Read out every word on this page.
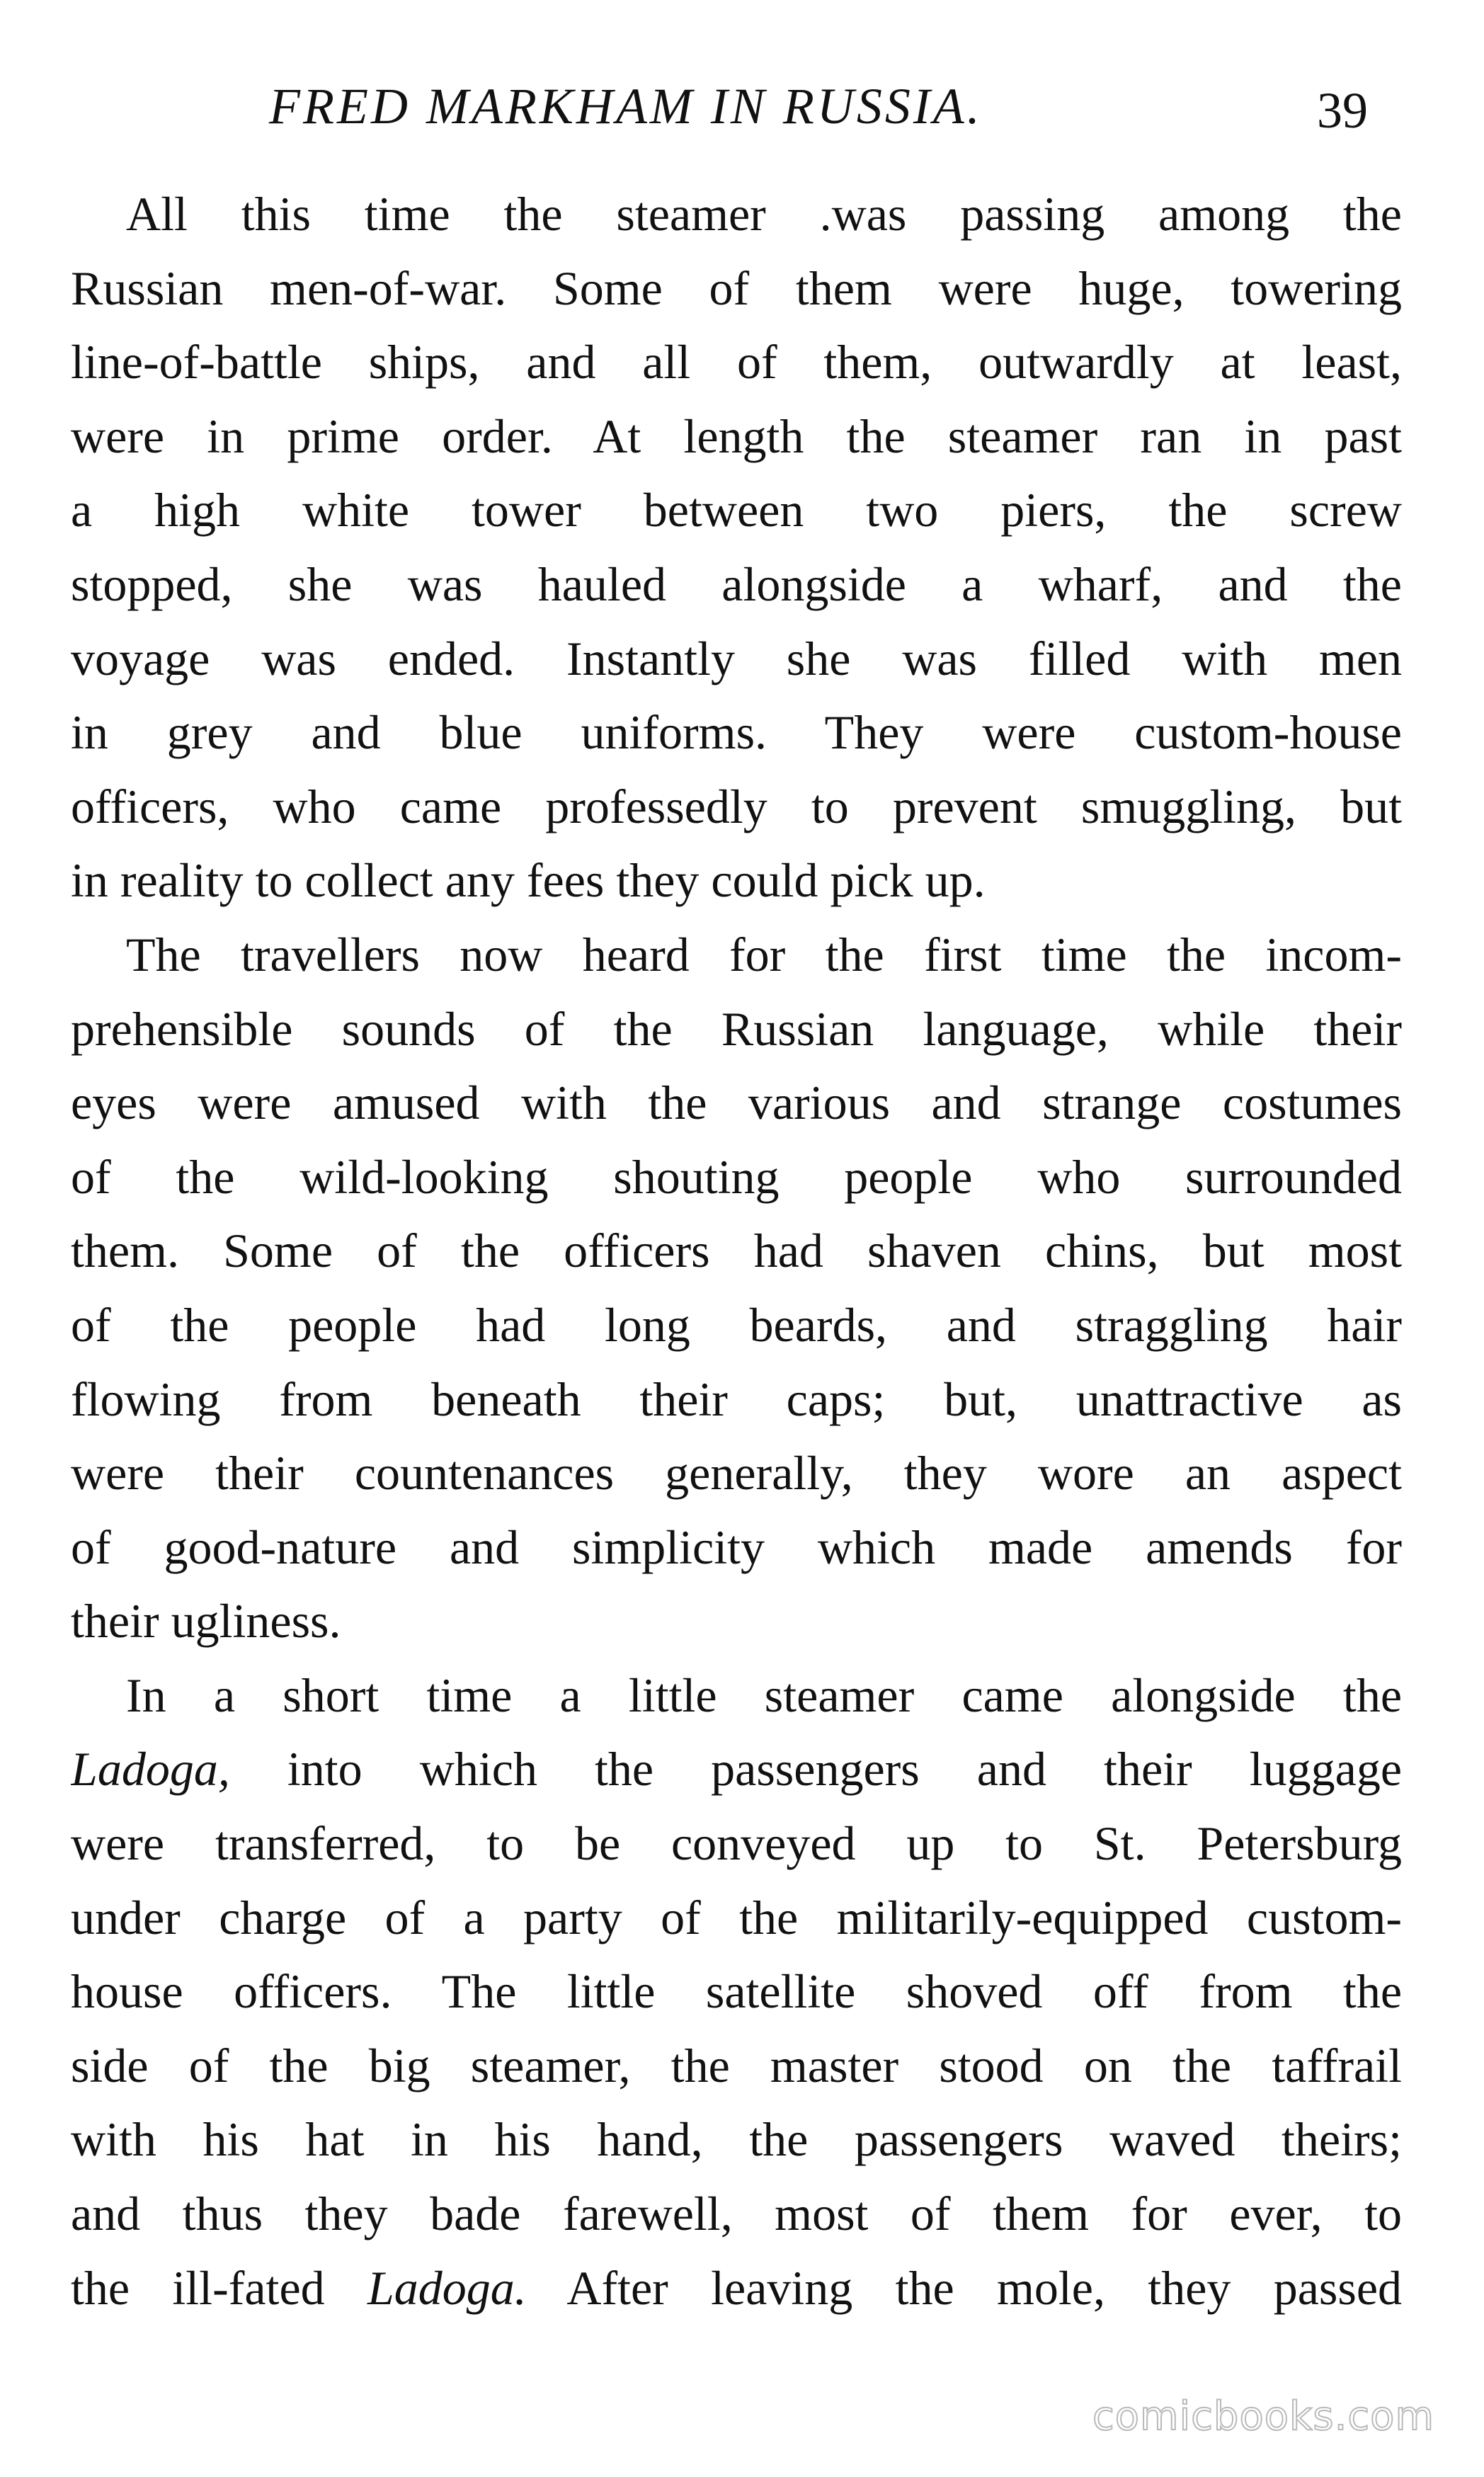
FRED MARKHAM IN RUSSIA.	39
All this time the steamer .was passing among the
Russian men-of-war. Some of them were huge, towering
line-of-battle ships, and all of them, outwardly at least,
were in prime order. At length the steamer ran in past
a high white tower between two piers, the screw
stopped, she was hauled alongside a wharf, and the
voyage was ended. Instantly she was filled with men
in grey and blue uniforms. They were custom-house
officers, who came professedly to prevent smuggling, but
in reality to collect any fees they could pick up.
The travellers now heard for the first time the incom-
prehensible sounds of the Russian language, while their
eyes were amused with the various and strange costumes
of the wild-looking shouting people who surrounded
them. Some of the officers had shaven chins, but most
of the people had long beards, and straggling hair
flowing from beneath their caps; but, unattractive as
were their countenances generally, they wore an aspect
of good-nature and simplicity which made amends for
their ugliness.
In a short time a little steamer came alongside the
Ladoga, into which the passengers and their luggage
were transferred, to be conveyed up to St. Petersburg
under charge of a party of the militarily-equipped custom-
house officers. The little satellite shoved off from the
side of the big steamer, the master stood on the taffrail
with his hat in his hand, the passengers waved theirs;
and thus they bade farewell, most of them for ever, to
the ill-fated Ladoga. After leaving the mole, they passed
comicbooks.com
